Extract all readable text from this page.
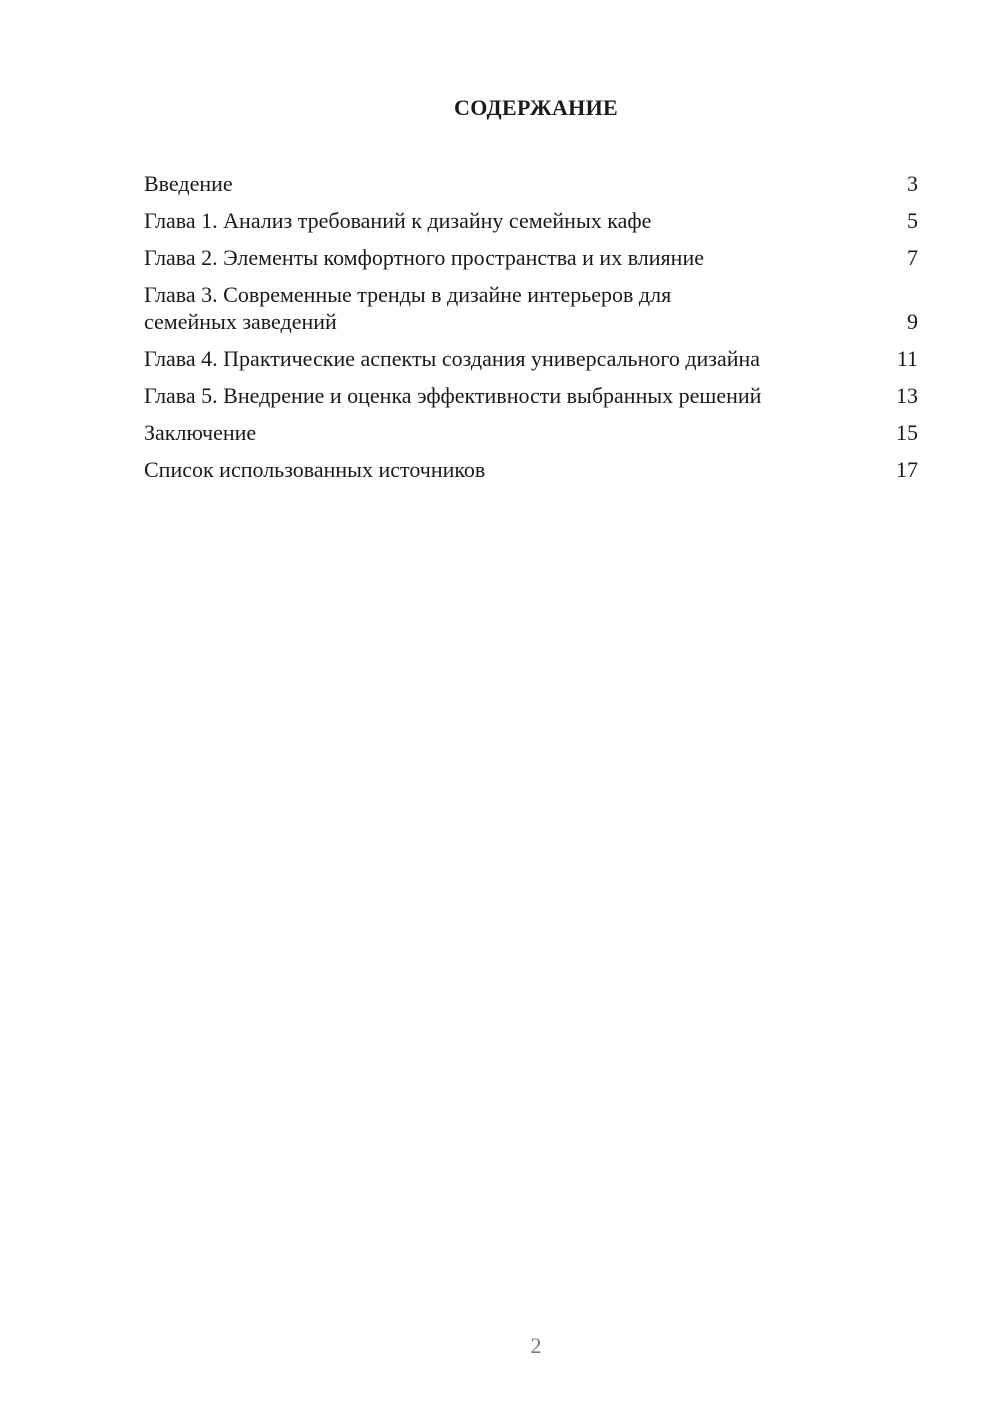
СОДЕРЖАНИЕ
Введение	3
Глава 1. Анализ требований к дизайну семейных кафе	5
Глава 2. Элементы комфортного пространства и их влияние	7
Глава 3. Современные тренды в дизайне интерьеров для семейных заведений	9
Глава 4. Практические аспекты создания универсального дизайна	11
Глава 5. Внедрение и оценка эффективности выбранных решений	13
Заключение	15
Список использованных источников	17
2
